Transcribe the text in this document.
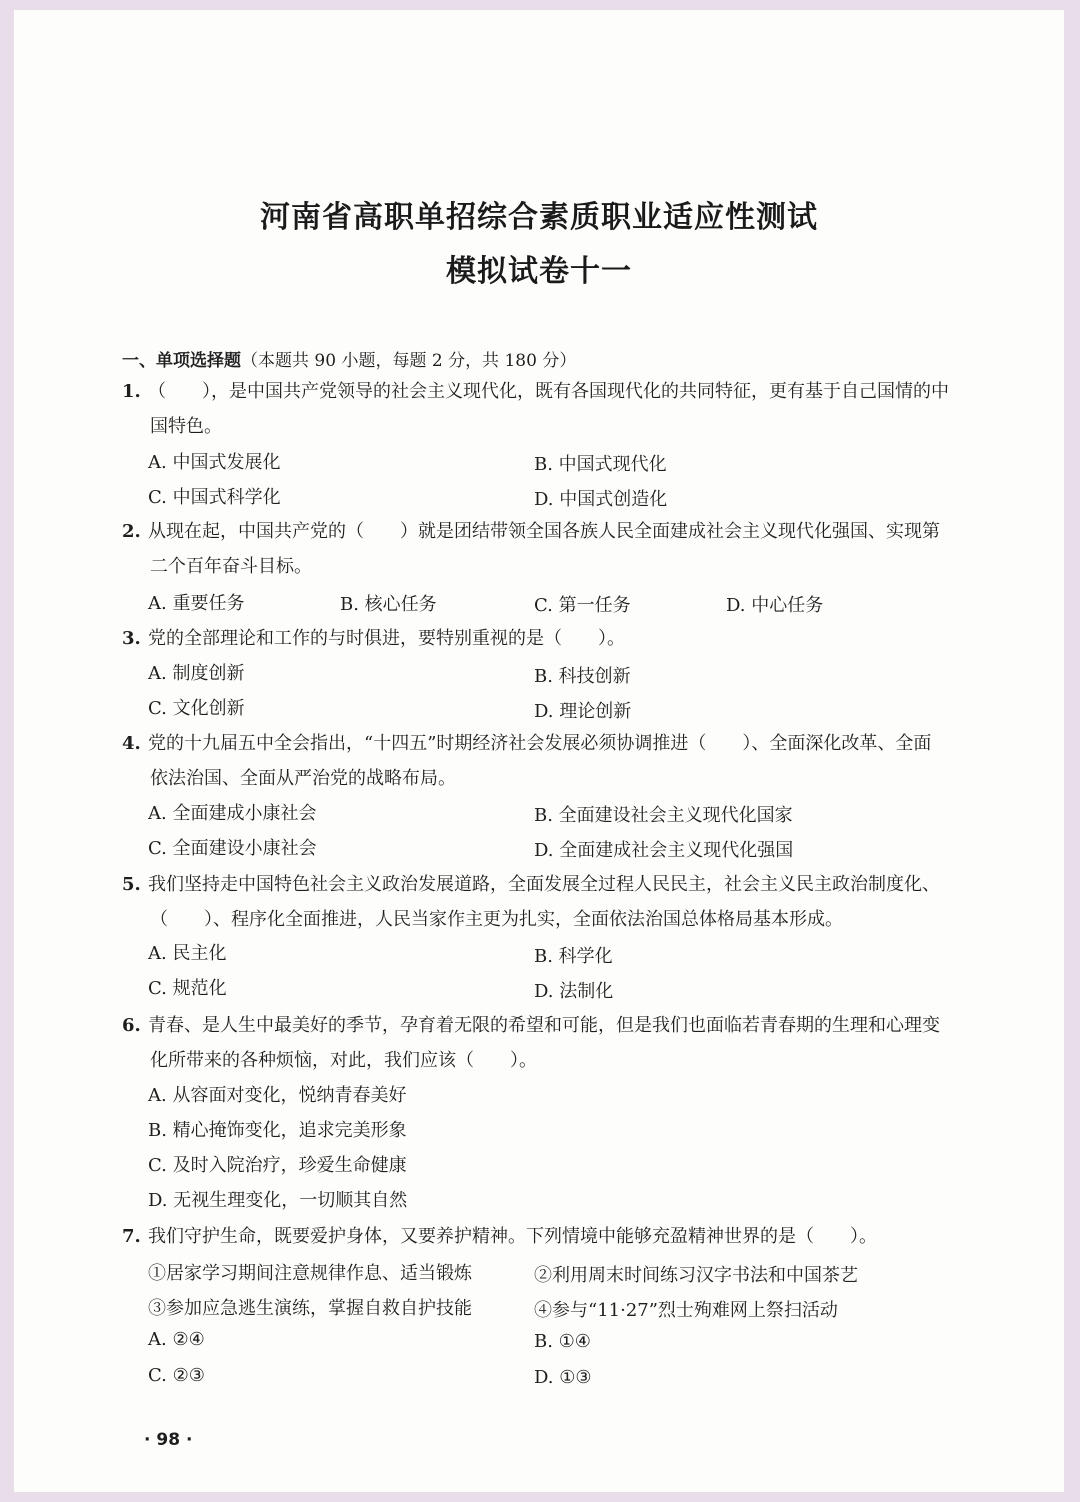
河南省高职单招综合素质职业适应性测试
模拟试卷十一
一、单项选择题（本题共 90 小题，每题 2 分，共 180 分）
1. （　　），是中国共产党领导的社会主义现代化，既有各国现代化的共同特征，更有基于自己国情的中
国特色。
A. 中国式发展化	B. 中国式现代化
C. 中国式科学化	D. 中国式创造化
2. 从现在起，中国共产党的（　　）就是团结带领全国各族人民全面建成社会主义现代化强国、实现第
二个百年奋斗目标。
A. 重要任务	B. 核心任务	C. 第一任务	D. 中心任务
3. 党的全部理论和工作的与时俱进，要特别重视的是（　　）。
A. 制度创新	B. 科技创新
C. 文化创新	D. 理论创新
4. 党的十九届五中全会指出，“十四五”时期经济社会发展必须协调推进（　　）、全面深化改革、全面
依法治国、全面从严治党的战略布局。
A. 全面建成小康社会	B. 全面建设社会主义现代化国家
C. 全面建设小康社会	D. 全面建成社会主义现代化强国
5. 我们坚持走中国特色社会主义政治发展道路，全面发展全过程人民民主，社会主义民主政治制度化、
（　　）、程序化全面推进，人民当家作主更为扎实，全面依法治国总体格局基本形成。
A. 民主化	B. 科学化
C. 规范化	D. 法制化
6. 青春、是人生中最美好的季节，孕育着无限的希望和可能，但是我们也面临若青春期的生理和心理变
化所带来的各种烦恼，对此，我们应该（　　）。
A. 从容面对变化，悦纳青春美好
B. 精心掩饰变化，追求完美形象
C. 及时入院治疗，珍爱生命健康
D. 无视生理变化，一切顺其自然
7. 我们守护生命，既要爱护身体，又要养护精神。下列情境中能够充盈精神世界的是（　　）。
①居家学习期间注意规律作息、适当锻炼	②利用周末时间练习汉字书法和中国茶艺
③参加应急逃生演练，掌握自救自护技能	④参与“11·27”烈士殉难网上祭扫活动
A. ②④	B. ①④
C. ②③	D. ①③
· 98 ·
